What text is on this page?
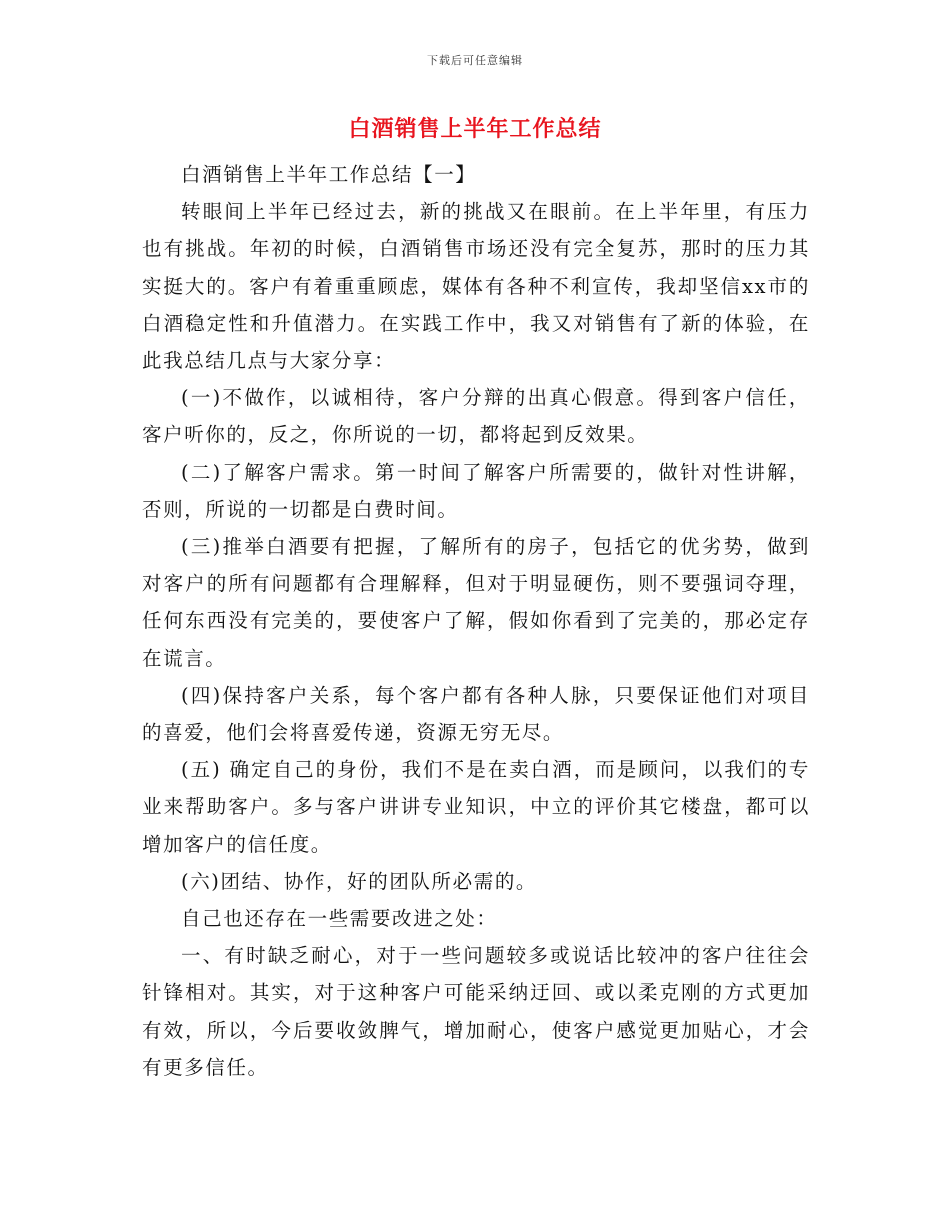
下载后可任意编辑
白酒销售上半年工作总结

白酒销售上半年工作总结【一】

转眼间上半年已经过去，新的挑战又在眼前。在上半年里，有压力也有挑战。年初的时候，白酒销售市场还没有完全复苏，那时的压力其实挺大的。客户有着重重顾虑，媒体有各种不利宣传，我却坚信xx市的白酒稳定性和升值潜力。在实践工作中，我又对销售有了新的体验，在此我总结几点与大家分享：

(一)不做作，以诚相待，客户分辩的出真心假意。得到客户信任，客户听你的，反之，你所说的一切，都将起到反效果。

(二)了解客户需求。第一时间了解客户所需要的，做针对性讲解，否则，所说的一切都是白费时间。

(三)推举白酒要有把握，了解所有的房子，包括它的优劣势，做到对客户的所有问题都有合理解释，但对于明显硬伤，则不要强词夺理，任何东西没有完美的，要使客户了解，假如你看到了完美的，那必定存在谎言。

(四)保持客户关系，每个客户都有各种人脉，只要保证他们对项目的喜爱，他们会将喜爱传递，资源无穷无尽。

(五) 确定自己的身份，我们不是在卖白酒，而是顾问，以我们的专业来帮助客户。多与客户讲讲专业知识，中立的评价其它楼盘，都可以增加客户的信任度。

(六)团结、协作，好的团队所必需的。

自己也还存在一些需要改进之处：

一、有时缺乏耐心，对于一些问题较多或说话比较冲的客户往往会针锋相对。其实，对于这种客户可能采纳迂回、或以柔克刚的方式更加有效，所以，今后要收敛脾气，增加耐心，使客户感觉更加贴心，才会有更多信任。
